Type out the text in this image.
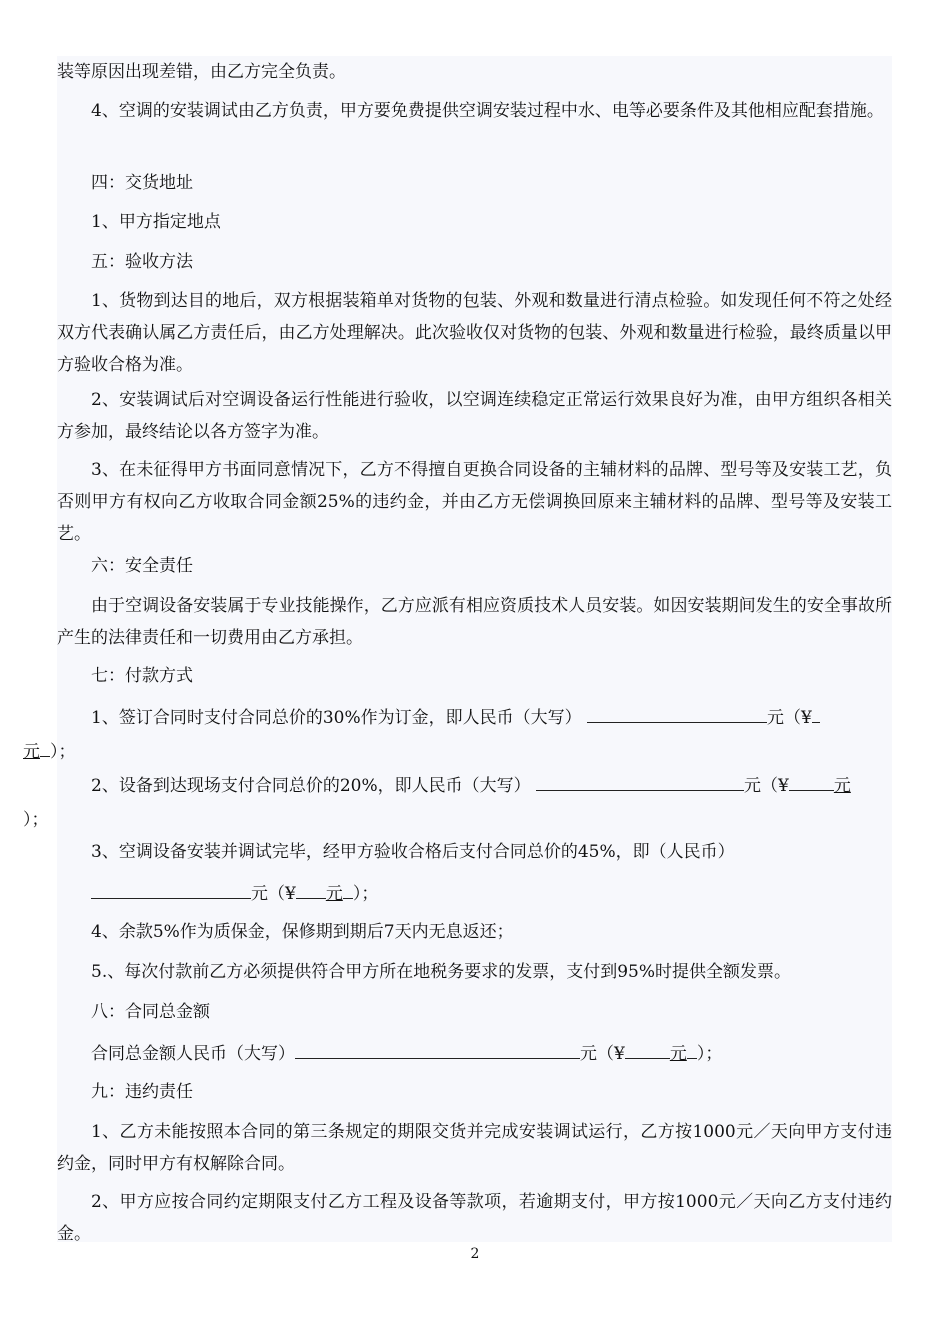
装等原因出现差错，由乙方完全负责。
4、空调的安装调试由乙方负责，甲方要免费提供空调安装过程中水、电等必要条件及其他相应配套措施。
四：交货地址
1、甲方指定地点
五：验收方法
1、货物到达目的地后，双方根据装箱单对货物的包装、外观和数量进行清点检验。如发现任何不符之处经双方代表确认属乙方责任后，由乙方处理解决。此次验收仅对货物的包装、外观和数量进行检验，最终质量以甲方验收合格为准。
2、安装调试后对空调设备运行性能进行验收，以空调连续稳定正常运行效果良好为准，由甲方组织各相关方参加，最终结论以各方签字为准。
3、在未征得甲方书面同意情况下，乙方不得擅自更换合同设备的主辅材料的品牌、型号等及安装工艺，负否则甲方有权向乙方收取合同金额25%的违约金，并由乙方无偿调换回原来主辅材料的品牌、型号等及安装工艺。
六：安全责任
由于空调设备安装属于专业技能操作，乙方应派有相应资质技术人员安装。如因安装期间发生的安全事故所产生的法律责任和一切费用由乙方承担。
七：付款方式
1、签订合同时支付合同总价的30%作为订金，即人民币（大写）	元（¥
元 ）；
2、设备到达现场支付合同总价的20%，即人民币（大写）	元（¥	元
）；
3、空调设备安装并调试完毕，经甲方验收合格后支付合同总价的45%，即（人民币）
元（¥ 元 ）；
4、余款5%作为质保金，保修期到期后7天内无息返还；
5.、每次付款前乙方必须提供符合甲方所在地税务要求的发票，支付到95%时提供全额发票。
八：合同总金额
合同总金额人民币（大写）	元（¥	元 ）；
九：违约责任
1、乙方未能按照本合同的第三条规定的期限交货并完成安装调试运行，乙方按1000元／天向甲方支付违约金，同时甲方有权解除合同。
2、甲方应按合同约定期限支付乙方工程及设备等款项，若逾期支付，甲方按1000元／天向乙方支付违约金。
2
